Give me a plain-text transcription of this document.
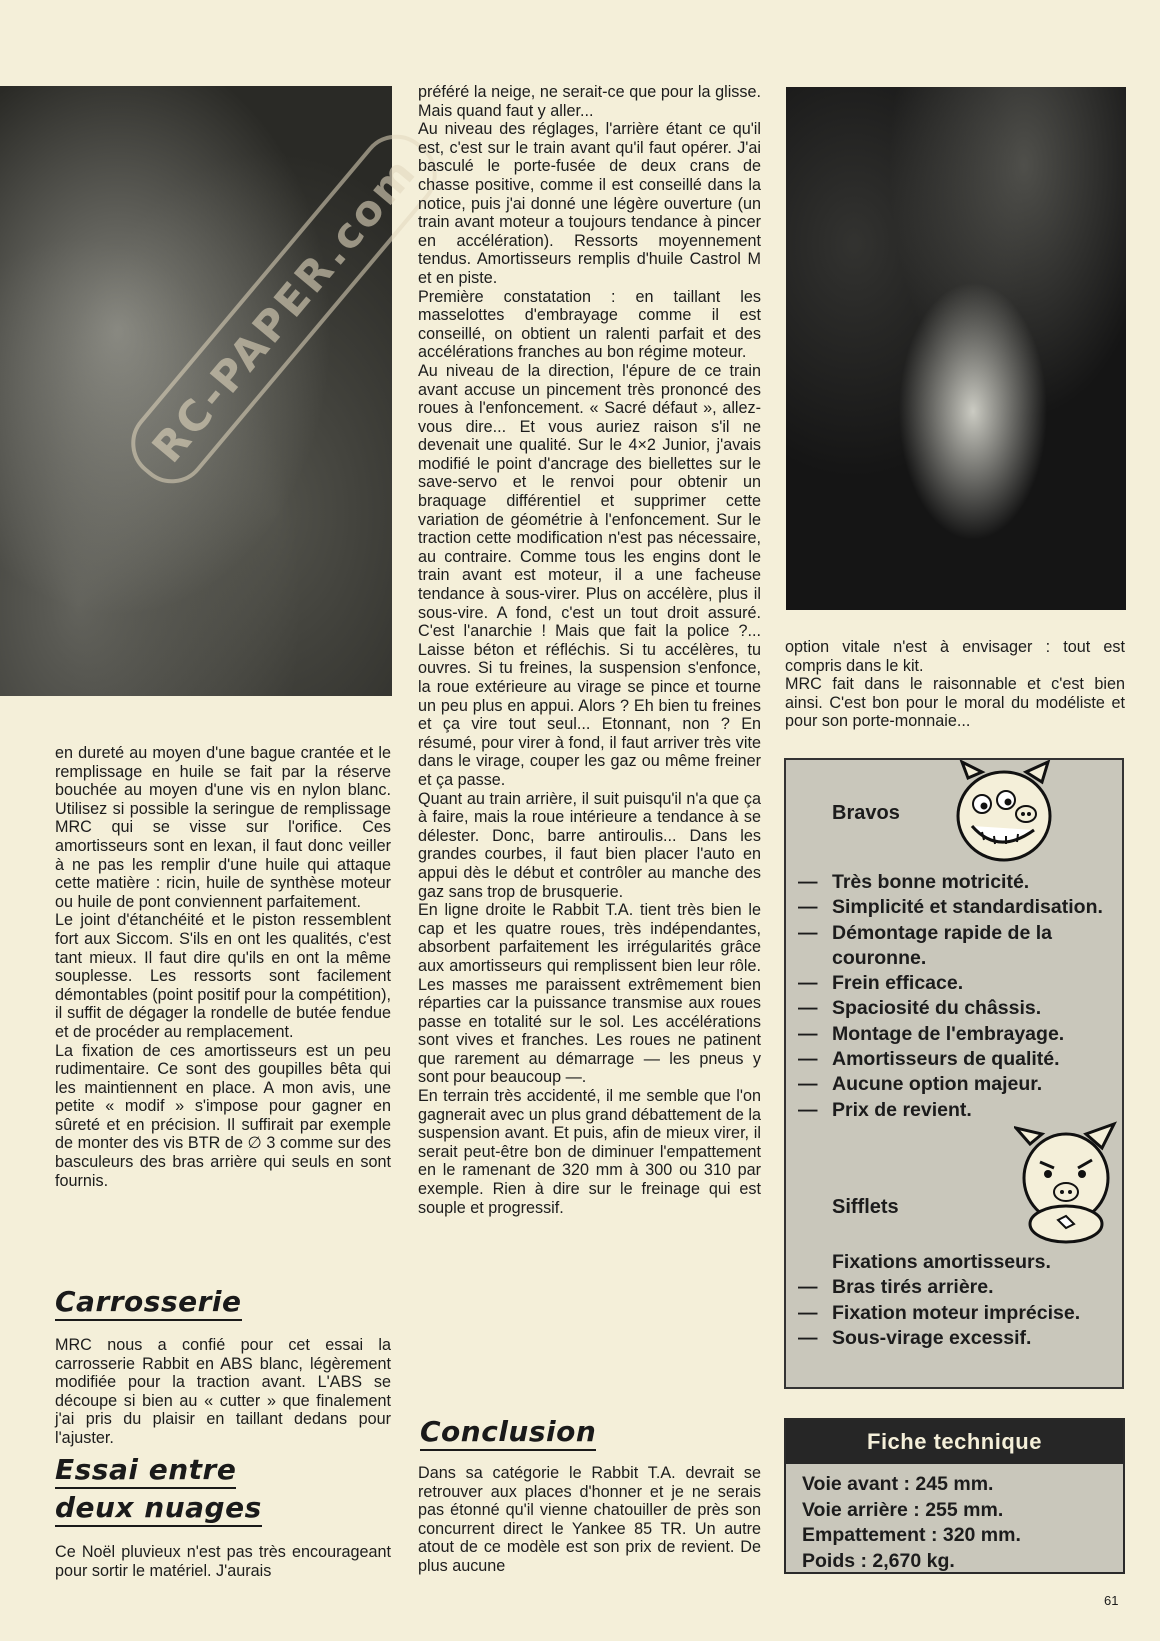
RC-PAPER.com

en dureté au moyen d'une bague crantée et le remplissage en huile se fait par la réserve bouchée au moyen d'une vis en nylon blanc. Utilisez si possible la seringue de remplissage MRC qui se visse sur l'orifice. Ces amortisseurs sont en lexan, il faut donc veiller à ne pas les remplir d'une huile qui attaque cette matière : ricin, huile de synthèse moteur ou huile de pont conviennent parfaitement.

Le joint d'étanchéité et le piston ressemblent fort aux Siccom. S'ils en ont les qualités, c'est tant mieux. Il faut dire qu'ils en ont la même souplesse. Les ressorts sont facilement démontables (point positif pour la compétition), il suffit de dégager la rondelle de butée fendue et de procéder au remplacement.

La fixation de ces amortisseurs est un peu rudimentaire. Ce sont des goupilles bêta qui les maintiennent en place. A mon avis, une petite « modif » s'impose pour gagner en sûreté et en précision. Il suffirait par exemple de monter des vis BTR de ∅ 3 comme sur des basculeurs des bras arrière qui seuls en sont fournis.

Carrosserie
MRC nous a confié pour cet essai la carrosserie Rabbit en ABS blanc, légèrement modifiée pour la traction avant. L'ABS se découpe si bien au « cutter » que finalement j'ai pris du plaisir en taillant dedans pour l'ajuster.
Essai entre
deux nuages
Ce Noël pluvieux n'est pas très encourageant pour sortir le matériel. J'aurais

préféré la neige, ne serait-ce que pour la glisse. Mais quand faut y aller...

Au niveau des réglages, l'arrière étant ce qu'il est, c'est sur le train avant qu'il faut opérer. J'ai basculé le porte-fusée de deux crans de chasse positive, comme il est conseillé dans la notice, puis j'ai donné une légère ouverture (un train avant moteur a toujours tendance à pincer en accélération). Ressorts moyennement tendus. Amortisseurs remplis d'huile Castrol M et en piste.

Première constatation : en taillant les masselottes d'embrayage comme il est conseillé, on obtient un ralenti parfait et des accélérations franches au bon régime moteur.

Au niveau de la direction, l'épure de ce train avant accuse un pincement très prononcé des roues à l'enfoncement. « Sacré défaut », allez-vous dire... Et vous auriez raison s'il ne devenait une qualité. Sur le 4×2 Junior, j'avais modifié le point d'ancrage des biellettes sur le save-servo et le renvoi pour obtenir un braquage différentiel et supprimer cette variation de géométrie à l'enfoncement. Sur le traction cette modification n'est pas nécessaire, au contraire. Comme tous les engins dont le train avant est moteur, il a une facheuse tendance à sous-virer. Plus on accélère, plus il sous-vire. A fond, c'est un tout droit assuré. C'est l'anarchie ! Mais que fait la police ?... Laisse béton et réfléchis. Si tu accélères, tu ouvres. Si tu freines, la suspension s'enfonce, la roue extérieure au virage se pince et tourne un peu plus en appui. Alors ? Eh bien tu freines et ça vire tout seul... Etonnant, non ? En résumé, pour virer à fond, il faut arriver très vite dans le virage, couper les gaz ou même freiner et ça passe.

Quant au train arrière, il suit puisqu'il n'a que ça à faire, mais la roue intérieure a tendance à se délester. Donc, barre antiroulis... Dans les grandes courbes, il faut bien placer l'auto en appui dès le début et contrôler au manche des gaz sans trop de brusquerie.

En ligne droite le Rabbit T.A. tient très bien le cap et les quatre roues, très indépendantes, absorbent parfaitement les irrégularités grâce aux amortisseurs qui remplissent bien leur rôle. Les masses me paraissent extrêmement bien réparties car la puissance transmise aux roues passe en totalité sur le sol. Les accélérations sont vives et franches. Les roues ne patinent que rarement au démarrage — les pneus y sont pour beaucoup —.

En terrain très accidenté, il me semble que l'on gagnerait avec un plus grand débattement de la suspension avant. Et puis, afin de mieux virer, il serait peut-être bon de diminuer l'empattement en le ramenant de 320 mm à 300 ou 310 par exemple. Rien à dire sur le freinage qui est souple et progressif.

Conclusion
Dans sa catégorie le Rabbit T.A. devrait se retrouver aux places d'honner et je ne serais pas étonné qu'il vienne chatouiller de près son concurrent direct le Yankee 85 TR. Un autre atout de ce modèle est son prix de revient. De plus aucune

option vitale n'est à envisager : tout est compris dans le kit.

MRC fait dans le raisonnable et c'est bien ainsi. C'est bon pour le moral du modéliste et pour son porte-monnaie...

Bravos
— Très bonne motricité.
— Simplicité et standardisation.
— Démontage rapide de la couronne.
— Frein efficace.
— Spaciosité du châssis.
— Montage de l'embrayage.
— Amortisseurs de qualité.
— Aucune option majeur.
— Prix de revient.
Sifflets
Fixations amortisseurs.
— Bras tirés arrière.
— Fixation moteur imprécise.
— Sous-virage excessif.
Fiche technique
Voie avant : 245 mm.
Voie arrière : 255 mm.
Empattement : 320 mm.
Poids : 2,670 kg.
61
